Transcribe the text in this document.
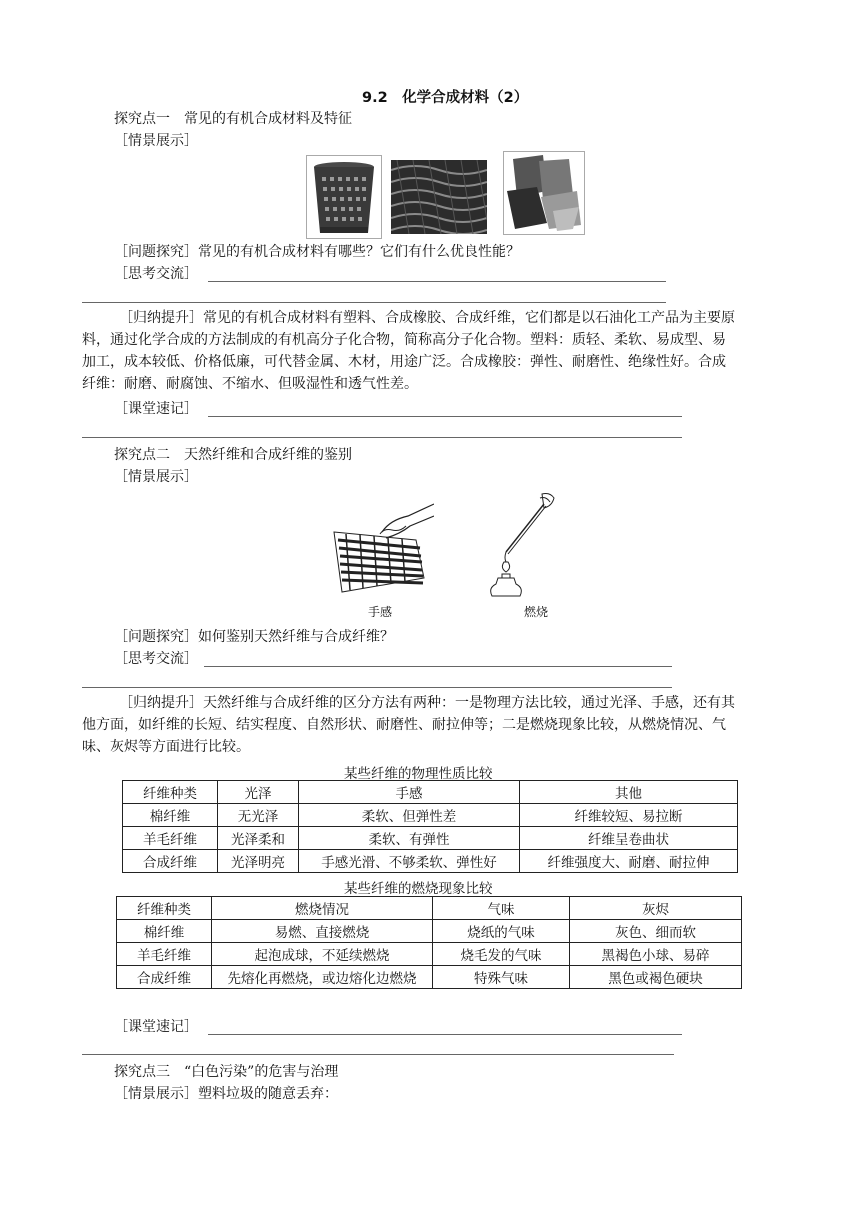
9.2　化学合成材料（2）
探究点一　常见的有机合成材料及特征
［情景展示］
［问题探究］常见的有机合成材料有哪些？它们有什么优良性能？
［思考交流］
［归纳提升］常见的有机合成材料有塑料、合成橡胶、合成纤维，它们都是以石油化工产品为主要原料，通过化学合成的方法制成的有机高分子化合物，简称高分子化合物。塑料：质轻、柔软、易成型、易加工，成本较低、价格低廉，可代替金属、木材，用途广泛。合成橡胶：弹性、耐磨性、绝缘性好。合成纤维：耐磨、耐腐蚀、不缩水、但吸湿性和透气性差。
［课堂速记］
探究点二　天然纤维和合成纤维的鉴别
［情景展示］
手感	燃烧
［问题探究］如何鉴别天然纤维与合成纤维？
［思考交流］
［归纳提升］天然纤维与合成纤维的区分方法有两种：一是物理方法比较，通过光泽、手感，还有其他方面，如纤维的长短、结实程度、自然形状、耐磨性、耐拉伸等；二是燃烧现象比较，从燃烧情况、气味、灰烬等方面进行比较。
某些纤维的物理性质比较
纤维种类	光泽	手感	其他
棉纤维	无光泽	柔软、但弹性差	纤维较短、易拉断
羊毛纤维	光泽柔和	柔软、有弹性	纤维呈卷曲状
合成纤维	光泽明亮	手感光滑、不够柔软、弹性好	纤维强度大、耐磨、耐拉伸
某些纤维的燃烧现象比较
纤维种类	燃烧情况	气味	灰烬
棉纤维	易燃、直接燃烧	烧纸的气味	灰色、细而软
羊毛纤维	起泡成球，不延续燃烧	烧毛发的气味	黑褐色小球、易碎
合成纤维	先熔化再燃烧，或边熔化边燃烧	特殊气味	黑色或褐色硬块
［课堂速记］
探究点三　“白色污染”的危害与治理
［情景展示］塑料垃圾的随意丢弃：
